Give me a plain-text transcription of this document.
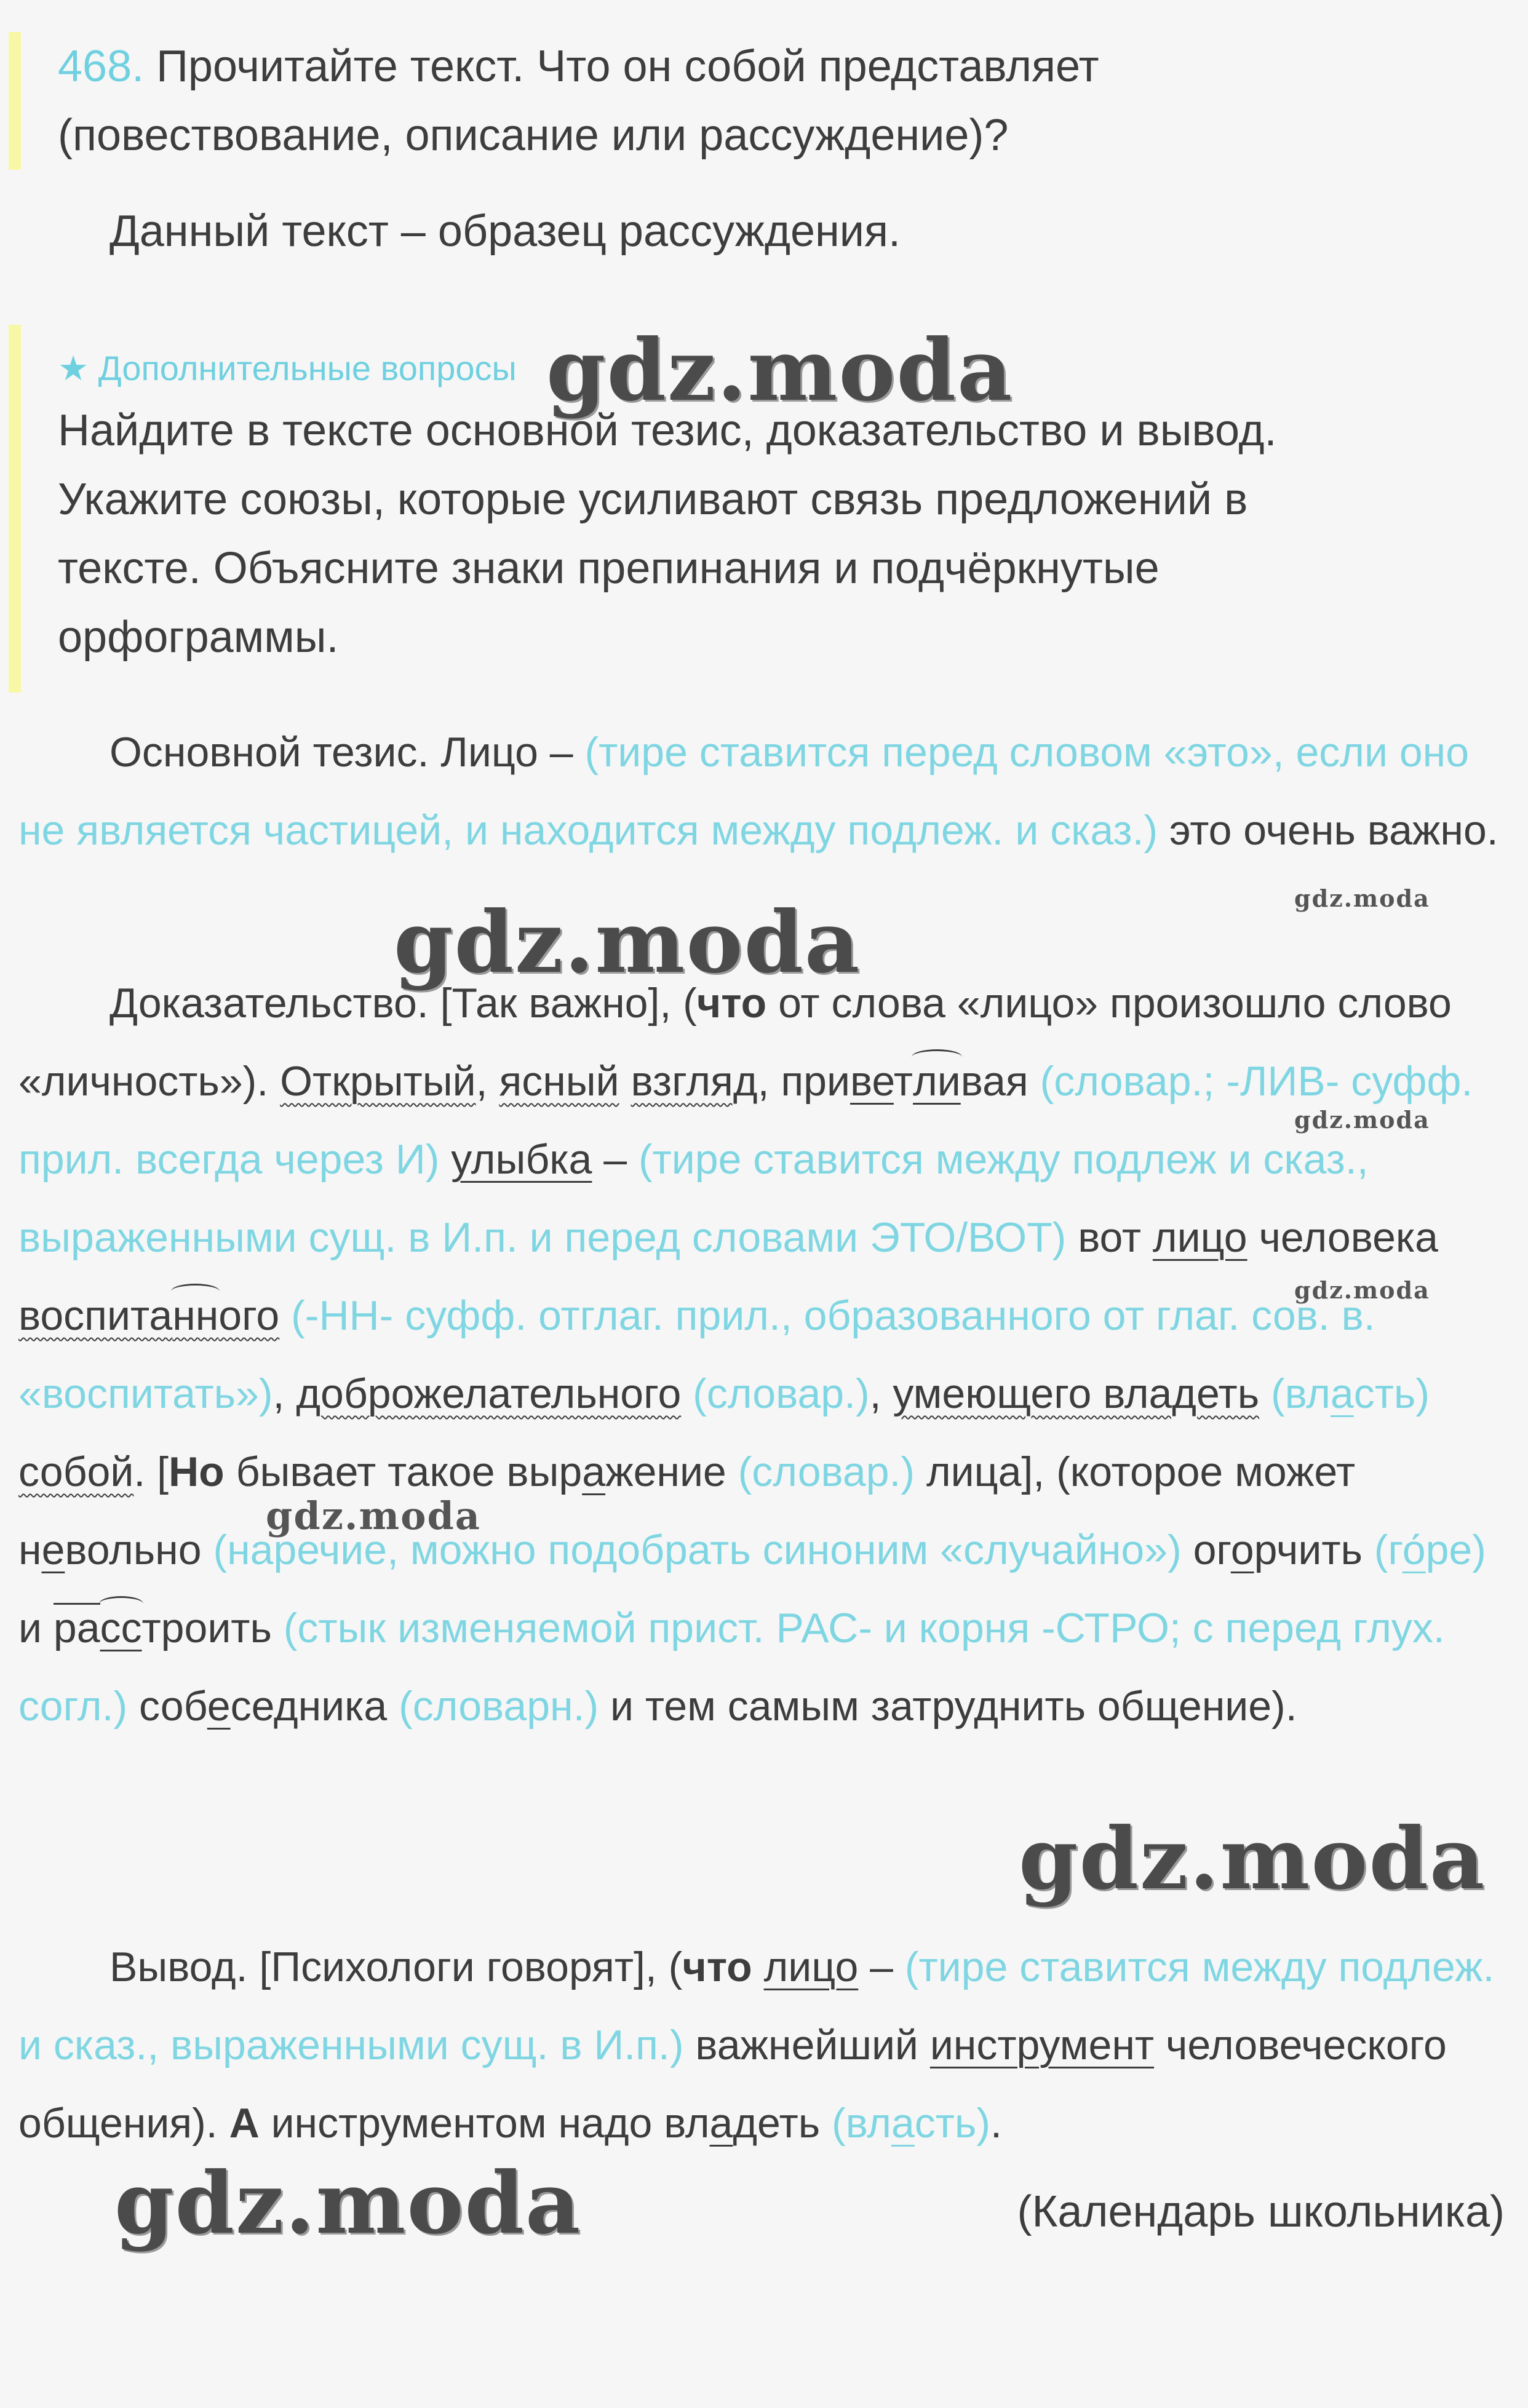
468. Прочитайте текст. Что он собой представляет
(повествование, описание или рассуждение)?

Данный текст – образец рассуждения.

★ Дополнительные вопросы

Найдите в тексте основной тезис, доказательство и вывод.
Укажите союзы, которые усиливают связь предложений в
тексте. Объясните знаки препинания и подчёркнутые
орфограммы.

Основной тезис. Лицо – (тире ставится перед словом «это», если оно не является частицей, и находится между подлеж. и сказ.) это очень важно.

Доказательство. [Так важно], (что от слова «лицо» произошло слово «личность»). Открытый, ясный взгляд, приветливая (словар.; -ЛИВ- суфф. прил. всегда через И) улыбка – (тире ставится между подлеж и сказ., выраженными сущ. в И.п. и перед словами ЭТО/ВОТ) вот лицо человека воспитанного (-НН- суфф. отглаг. прил., образованного от глаг. сов. в. «воспитать»), доброжелательного (словар.), умеющего владеть (власть) собой. [Но бывает такое выражение (словар.) лица], (которое может невольно (наречие, можно подобрать синоним «случайно») огорчить (го́ре) и расстроить (стык изменяемой прист. РАС- и корня -СТРО; с перед глух. согл.) собеседника (словарн.) и тем самым затруднить общение).

Вывод. [Психологи говорят], (что лицо – (тире ставится между подлеж. и сказ., выраженными сущ. в И.п.) важнейший инструмент человеческого общения). А инструментом надо владеть (власть).

(Календарь школьника)

gdz.moda
gdz.moda	gdz.moda
gdz.moda
gdz.moda
gdz.moda
gdz.moda
gdz.moda
